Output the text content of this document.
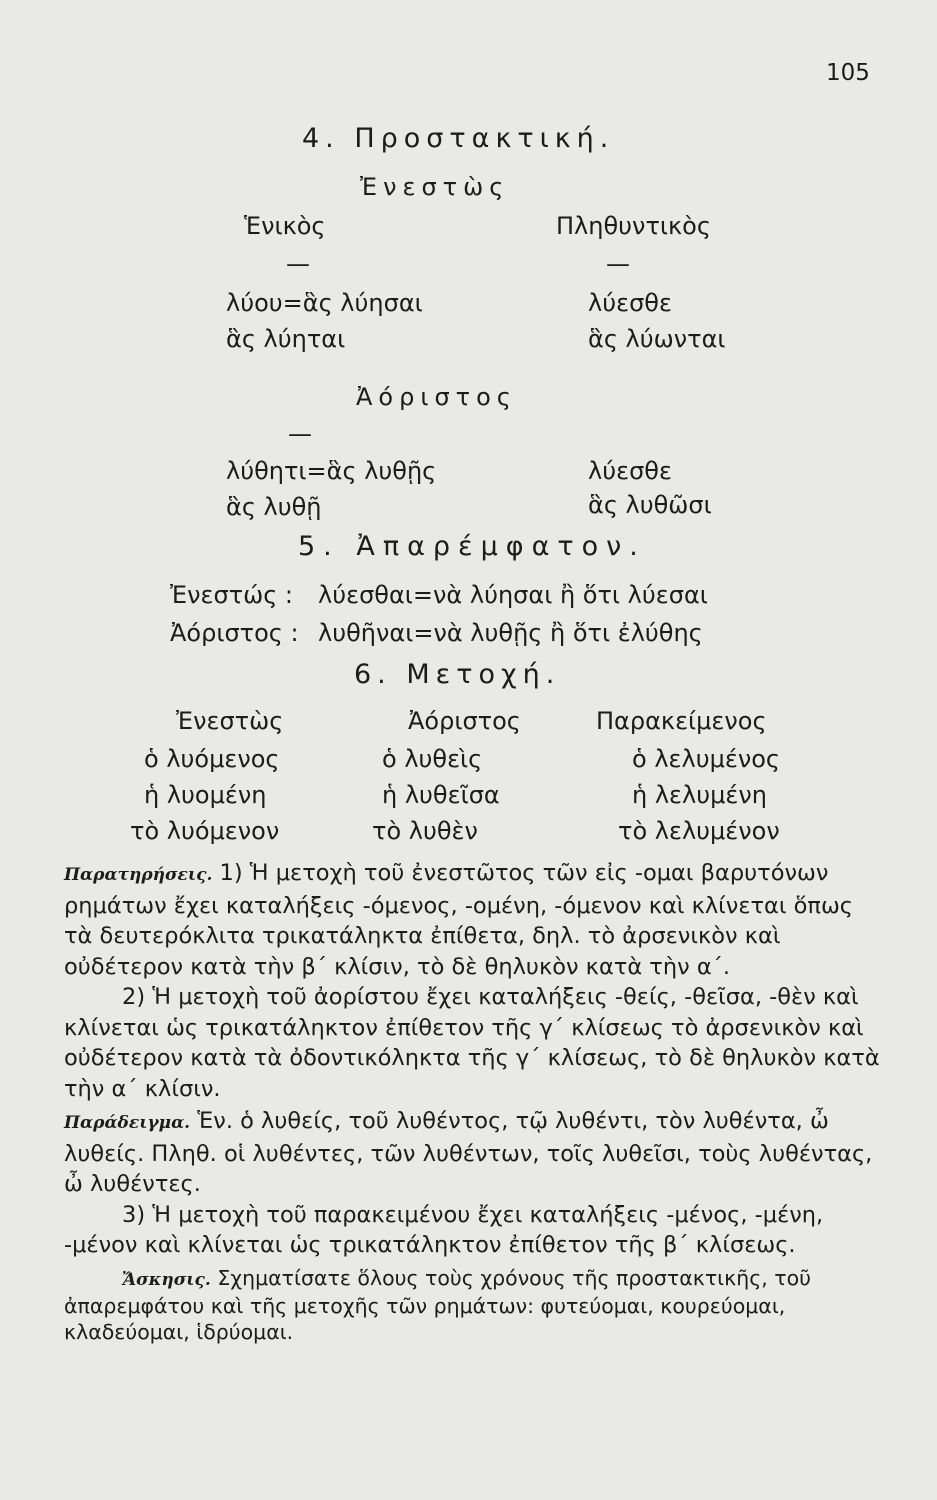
105
4. Προστακτική.
Ἐνεστὼς
Ἑνικὸς	Πληθυντικὸς
—	—
λύου=ἃς λύησαι
ἃς λύηται
λύεσθε
ἃς λύωνται
Ἀόριστος
—
λύθητι=ἃς λυθῇς
ἃς λυθῇ
λύεσθε
ἃς λυθῶσι
5. Ἀπαρέμφατον.
Ἐνεστώς : λύεσθαι=νὰ λύησαι ἢ ὅτι λύεσαι
Ἀόριστος : λυθῆναι=νὰ λυθῇς ἢ ὅτι ἐλύθης
6. Μετοχή.
Ἐνεστὼς
ὁ λυόμενος
ἡ λυομένη
τὸ λυόμενον
Ἀόριστος
ὁ λυθεὶς
ἡ λυθεῖσα
τὸ λυθὲν
Παρακείμενος
ὁ λελυμένος
ἡ λελυμένη
τὸ λελυμένον

Παρατηρήσεις. 1) Ἡ μετοχὴ τοῦ ἐνεστῶτος τῶν εἰς -ομαι βαρυτόνων ρημάτων ἔχει καταλήξεις -όμενος, -ομένη, -όμενον καὶ κλίνεται ὅπως τὰ δευτερόκλιτα τρικατάληκτα ἐπίθετα, δηλ. τὸ ἀρσενικὸν καὶ οὐδέτερον κατὰ τὴν β΄ κλίσιν, τὸ δὲ θηλυκὸν κατὰ τὴν α΄.

2) Ἡ μετοχὴ τοῦ ἀορίστου ἔχει καταλήξεις -θείς, -θεῖσα, -θὲν καὶ κλίνεται ὡς τρικατάληκτον ἐπίθετον τῆς γ΄ κλίσεως τὸ ἀρσενικὸν καὶ οὐδέτερον κατὰ τὰ ὀδοντικόληκτα τῆς γ΄ κλίσεως, τὸ δὲ θηλυκὸν κατὰ τὴν α΄ κλίσιν.

Παράδειγμα. Ἑν. ὁ λυθείς, τοῦ λυθέντος, τῷ λυθέντι, τὸν λυθέντα, ὦ λυθείς. Πληθ. οἱ λυθέντες, τῶν λυθέντων, τοῖς λυθεῖσι, τοὺς λυθέντας, ὦ λυθέντες.

3) Ἡ μετοχὴ τοῦ παρακειμένου ἔχει καταλήξεις -μένος, -μένη, -μένον καὶ κλίνεται ὡς τρικατάληκτον ἐπίθετον τῆς β΄ κλίσεως.

Ἄσκησις. Σχηματίσατε ὅλους τοὺς χρόνους τῆς προστακτικῆς, τοῦ ἀπαρεμφάτου καὶ τῆς μετοχῆς τῶν ρημάτων: φυτεύομαι, κουρεύομαι, κλαδεύομαι, ἱδρύομαι.
